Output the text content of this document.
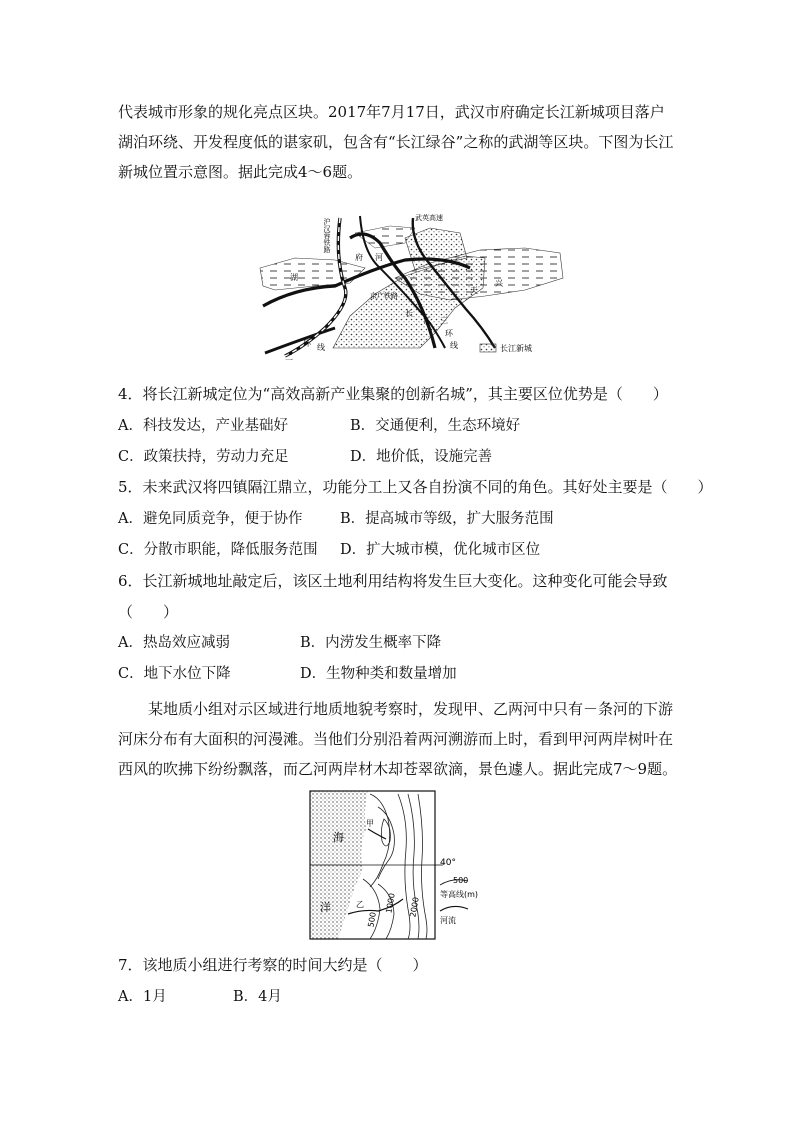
代表城市形象的规化亮点区块。2017年7月17日，武汉市府确定长江新城项目落户湖泊环绕、开发程度低的谌家矶，包含有“长江绿谷”之称的武湖等区块。下图为长江新城位置示意图。据此完成4～6题。

沪汉蓉铁路	武英高速
府 河
湖
天
兴
京广铁路
长
江 三
环
线
环 线
二
长江新城

4．将长江新城定位为“高效高新产业集聚的创新名城”，其主要区位优势是（　　）

A．科技发达，产业基础好	B．交通便利，生态环境好
C．政策扶持，劳动力充足	D．地价低，设施完善

5．未来武汉将四镇隔江鼎立，功能分工上又各自扮演不同的角色。其好处主要是（　　）

A．避免同质竞争，便于协作	B．提高城市等级，扩大服务范围
C．分散市职能，降低服务范围 D．扩大城市模，优化城市区位

6．长江新城地址敲定后，该区土地利用结构将发生巨大变化。这种变化可能会导致

（　　）

A．热岛效应减弱	B．内涝发生概率下降
C．地下水位下降	D．生物种类和数量增加

某地质小组对示区域进行地质地貌考察时，发现甲、乙两河中只有－条河的下游河床分布有大面积的河漫滩。当他们分别沿着两河溯游而上时，看到甲河两岸树叶在西风的吹拂下纷纷飘落，而乙河两岸材木却苍翠欲滴，景色遽人。据此完成7～9题。

海
洋
甲
乙
500
1000 2000
40°
500
等高线(m)
河流

7．该地质小组进行考察的时间大约是（　　）

A．1月	B．4月
